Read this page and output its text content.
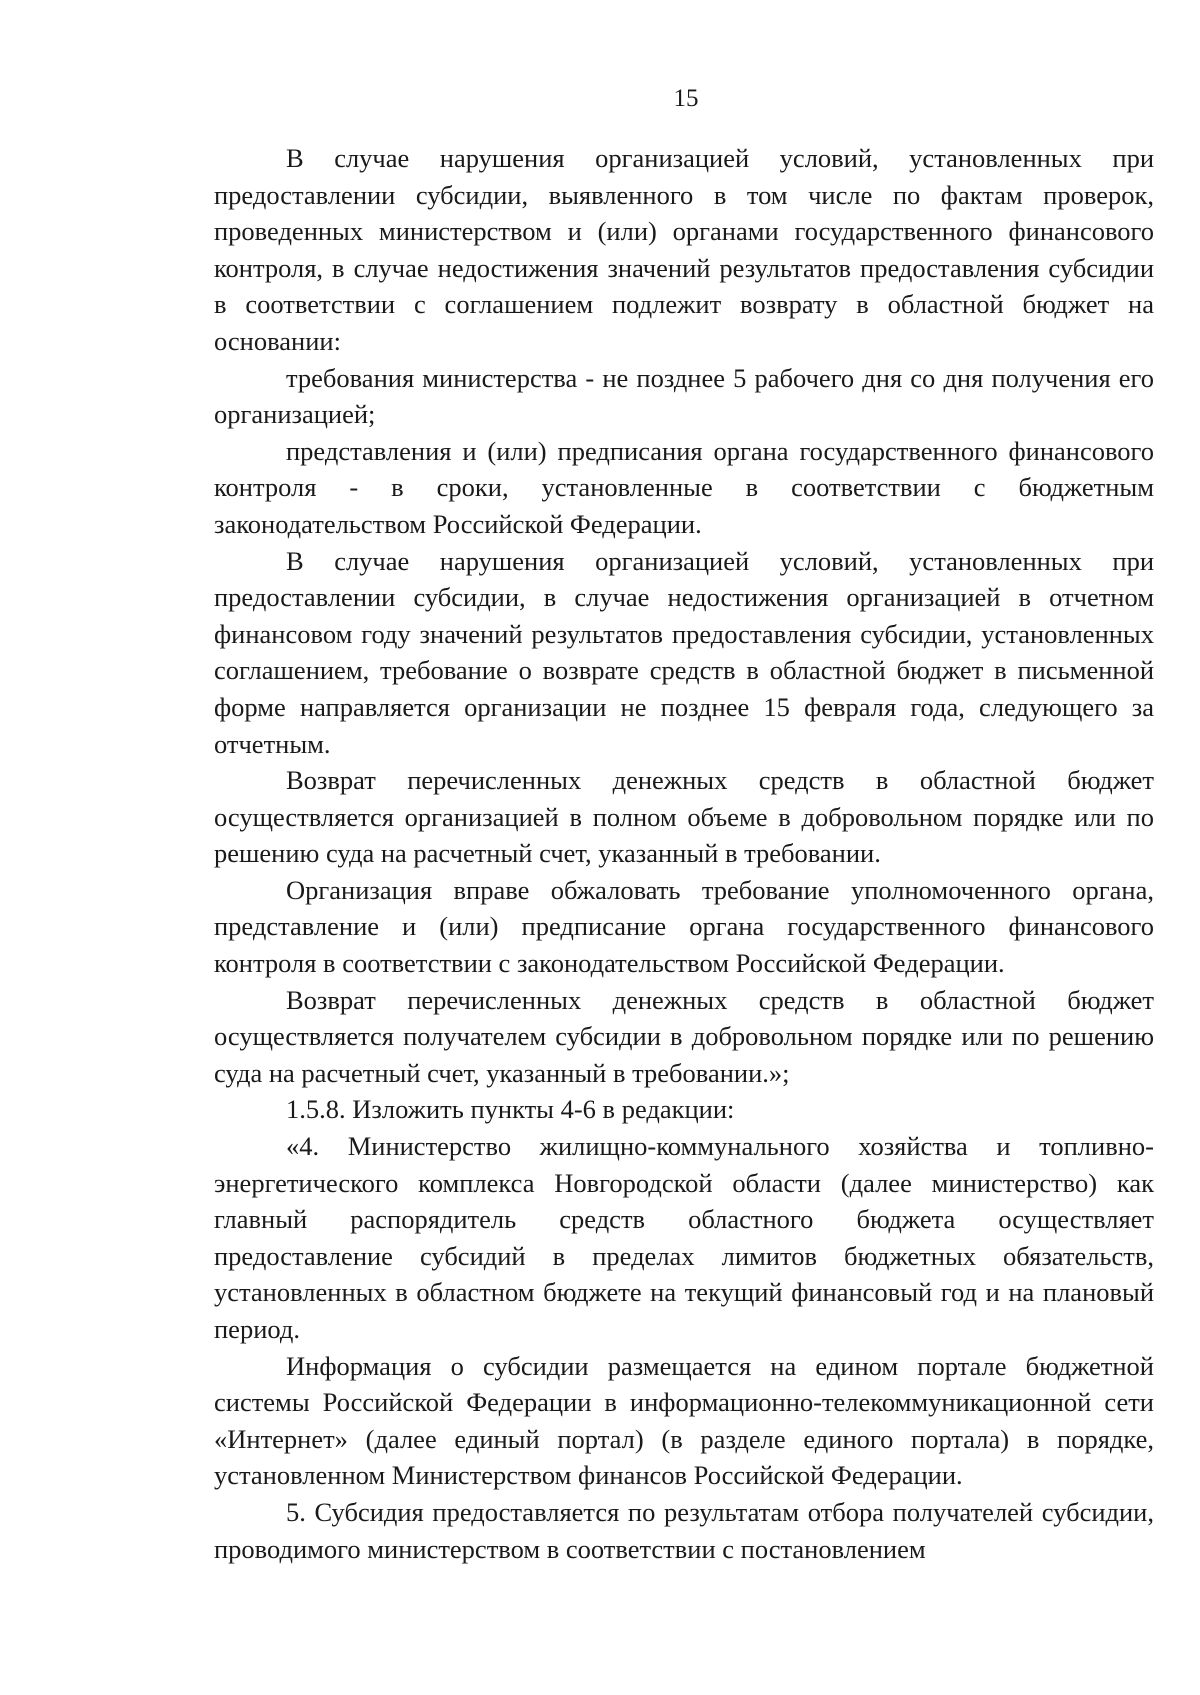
15

В случае нарушения организацией условий, установленных при предоставлении субсидии, выявленного в том числе по фактам проверок, проведенных министерством и (или) органами государственного финансового контроля, в случае недостижения значений результатов предоставления субсидии в соответствии с соглашением подлежит возврату в областной бюджет на основании:

требования министерства - не позднее 5 рабочего дня со дня получения его организацией;

представления и (или) предписания органа государственного финансового контроля - в сроки, установленные в соответствии с бюджетным законодательством Российской Федерации.

В случае нарушения организацией условий, установленных при предоставлении субсидии, в случае недостижения организацией в отчетном финансовом году значений результатов предоставления субсидии, установленных соглашением, требование о возврате средств в областной бюджет в письменной форме направляется организации не позднее 15 февраля года, следующего за отчетным.

Возврат перечисленных денежных средств в областной бюджет осуществляется организацией в полном объеме в добровольном порядке или по решению суда на расчетный счет, указанный в требовании.

Организация вправе обжаловать требование уполномоченного органа, представление и (или) предписание органа государственного финансового контроля в соответствии с законодательством Российской Федерации.

Возврат перечисленных денежных средств в областной бюджет осуществляется получателем субсидии в добровольном порядке или по решению суда на расчетный счет, указанный в требовании.»;

1.5.8. Изложить пункты 4-6 в редакции:

«4. Министерство жилищно-коммунального хозяйства и топливно-энергетического комплекса Новгородской области (далее министерство) как главный распорядитель средств областного бюджета осуществляет предоставление субсидий в пределах лимитов бюджетных обязательств, установленных в областном бюджете на текущий финансовый год и на плановый период.

Информация о субсидии размещается на едином портале бюджетной системы Российской Федерации в информационно-телекоммуникационной сети «Интернет» (далее единый портал) (в разделе единого портала) в порядке, установленном Министерством финансов Российской Федерации.

5. Субсидия предоставляется по результатам отбора получателей субсидии, проводимого министерством в соответствии с постановлением
